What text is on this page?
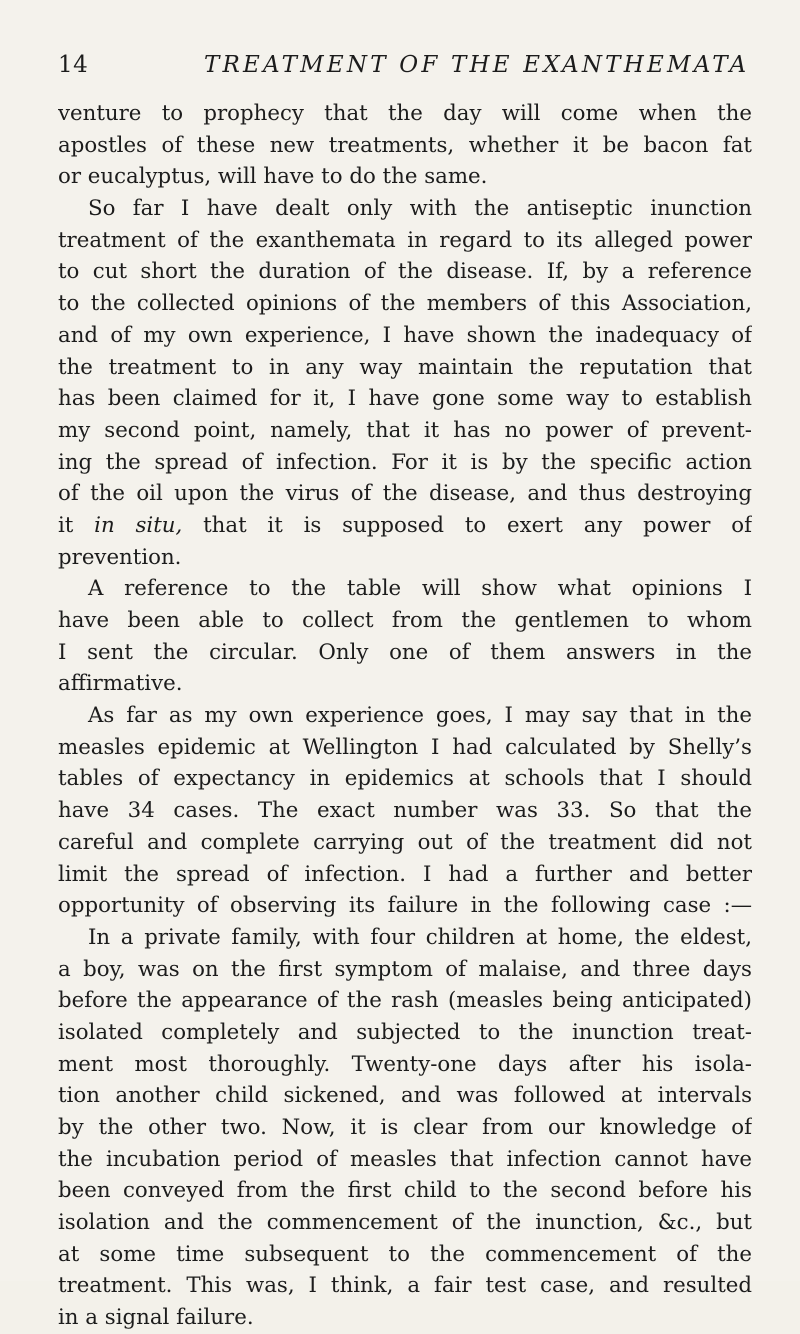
14	TREATMENT OF THE EXANTHEMATA
venture to prophecy that the day will come when the
apostles of these new treatments, whether it be bacon fat
or eucalyptus, will have to do the same.
So far I have dealt only with the antiseptic inunction
treatment of the exanthemata in regard to its alleged power
to cut short the duration of the disease. If, by a reference
to the collected opinions of the members of this Association,
and of my own experience, I have shown the inadequacy of
the treatment to in any way maintain the reputation that
has been claimed for it, I have gone some way to establish
my second point, namely, that it has no power of prevent-
ing the spread of infection. For it is by the specific action
of the oil upon the virus of the disease, and thus destroying
it in situ, that it is supposed to exert any power of
prevention.
A reference to the table will show what opinions I
have been able to collect from the gentlemen to whom
I sent the circular. Only one of them answers in the
affirmative.
As far as my own experience goes, I may say that in the
measles epidemic at Wellington I had calculated by Shelly’s
tables of expectancy in epidemics at schools that I should
have 34 cases. The exact number was 33. So that the
careful and complete carrying out of the treatment did not
limit the spread of infection. I had a further and better
opportunity of observing its failure in the following case :—
In a private family, with four children at home, the eldest,
a boy, was on the first symptom of malaise, and three days
before the appearance of the rash (measles being anticipated)
isolated completely and subjected to the inunction treat-
ment most thoroughly. Twenty-one days after his isola-
tion another child sickened, and was followed at intervals
by the other two. Now, it is clear from our knowledge of
the incubation period of measles that infection cannot have
been conveyed from the first child to the second before his
isolation and the commencement of the inunction, &c., but
at some time subsequent to the commencement of the
treatment. This was, I think, a fair test case, and resulted
in a signal failure.
